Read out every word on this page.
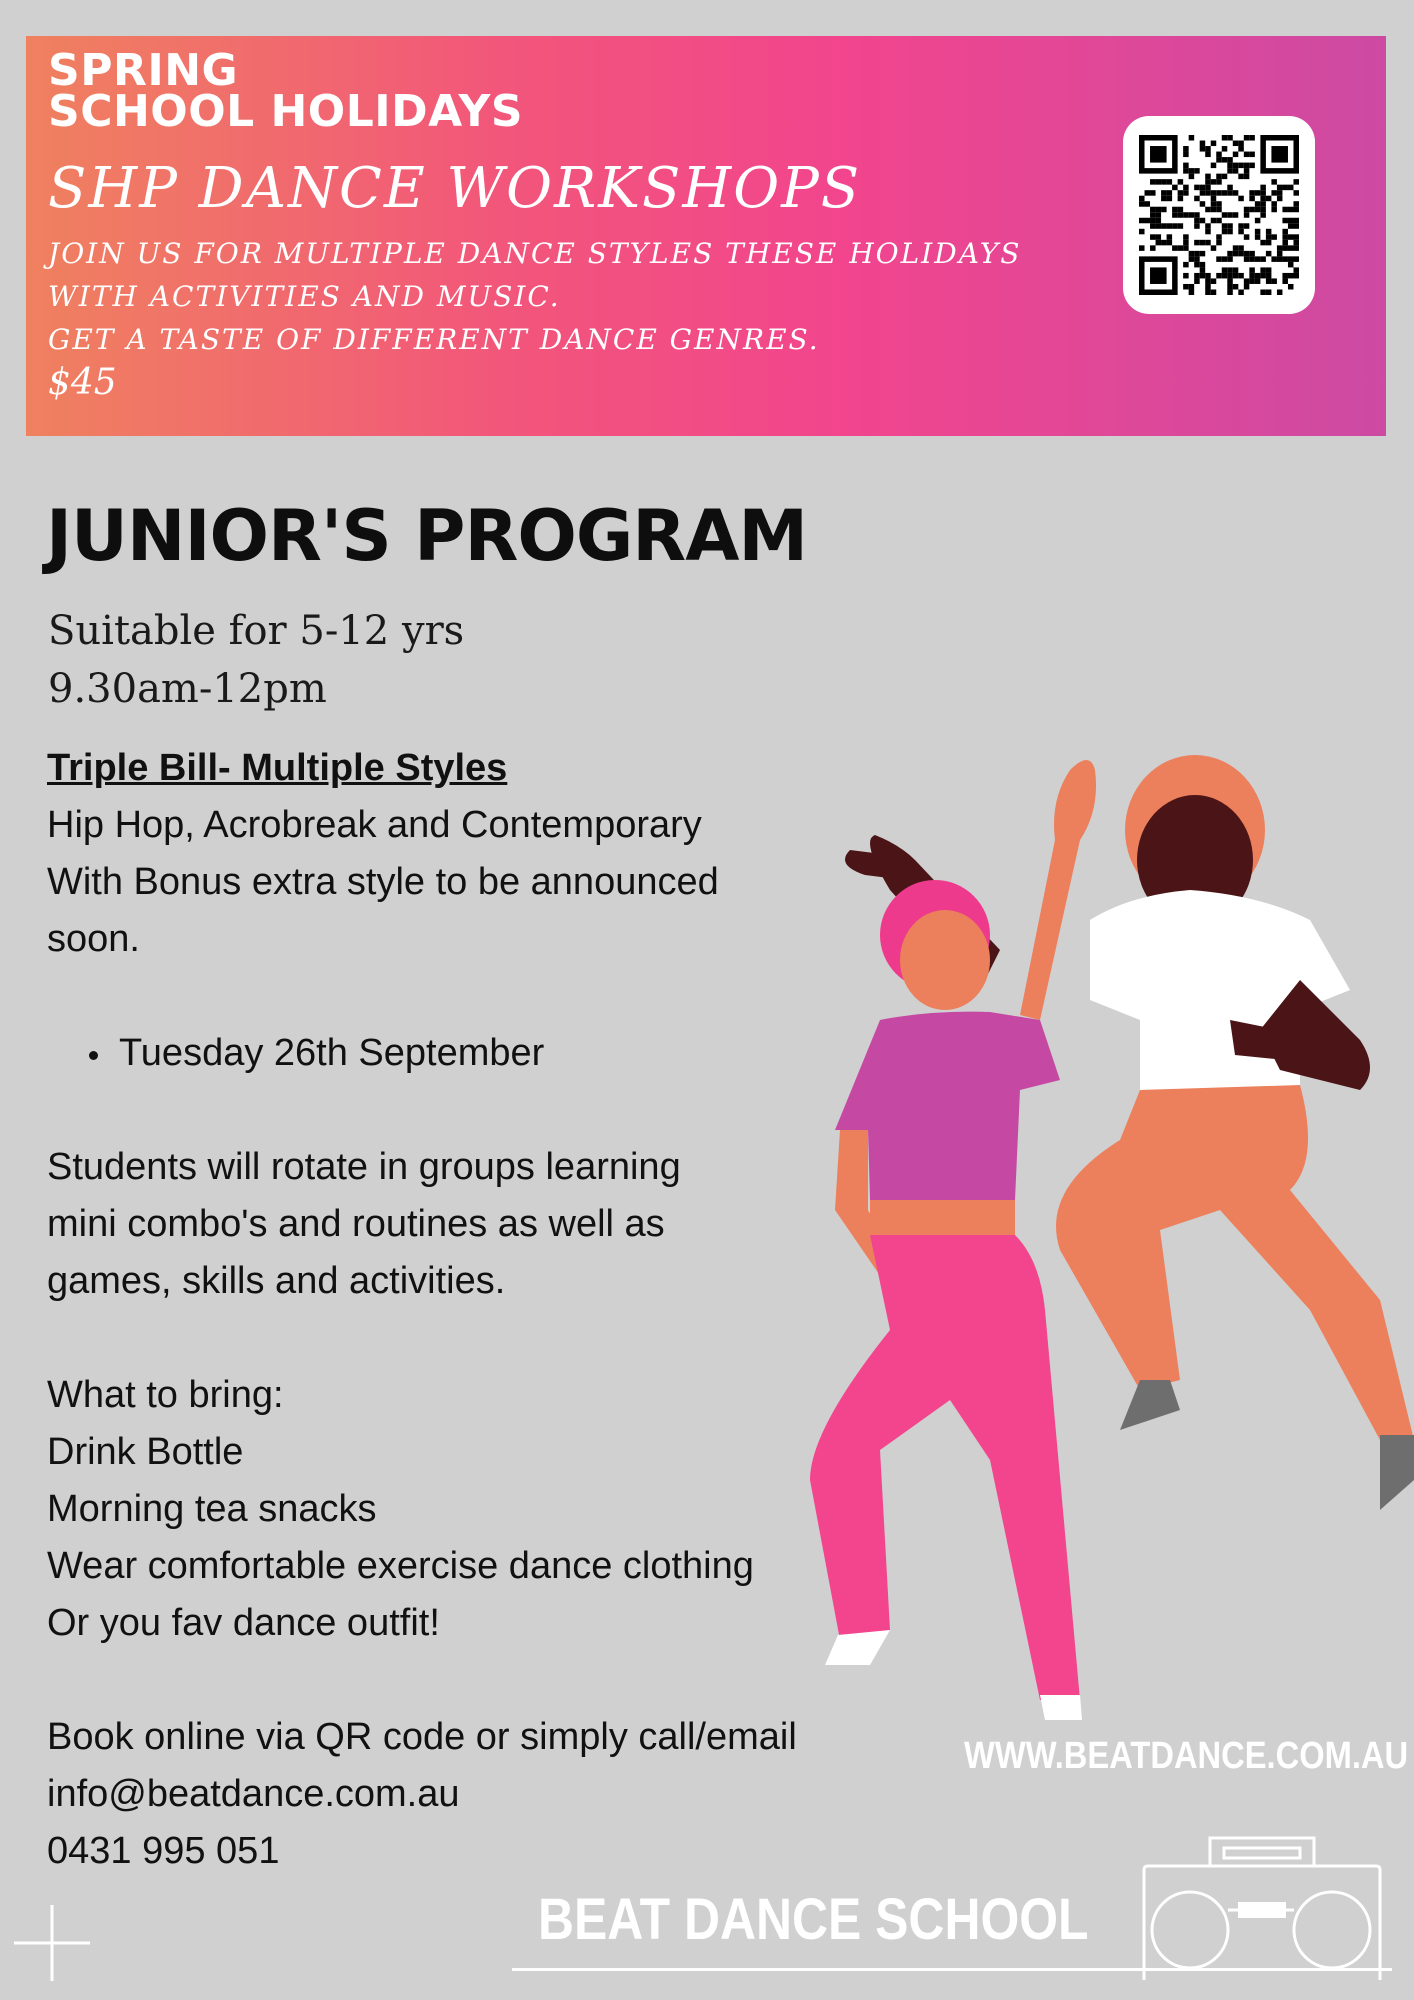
SPRING
SCHOOL HOLIDAYS
SHP DANCE WORKSHOPS
JOIN US FOR MULTIPLE DANCE STYLES THESE HOLIDAYS
WITH ACTIVITIES AND MUSIC.
GET A TASTE OF DIFFERENT DANCE GENRES.
$45
JUNIOR'S PROGRAM
Suitable for 5-12 yrs
9.30am-12pm

Triple Bill- Multiple Styles

Hip Hop, Acrobreak and Contemporary

With Bonus extra style to be announced

soon.

Tuesday 26th September

Students will rotate in groups learning

mini combo's and routines as well as

games, skills and activities.

What to bring:

Drink Bottle

Morning tea snacks

Wear comfortable exercise dance clothing

Or you fav dance outfit!

Book online via QR code or simply call/email

info@beatdance.com.au

0431 995 051

WWW.BEATDANCE.COM.AU
BEAT DANCE SCHOOL
